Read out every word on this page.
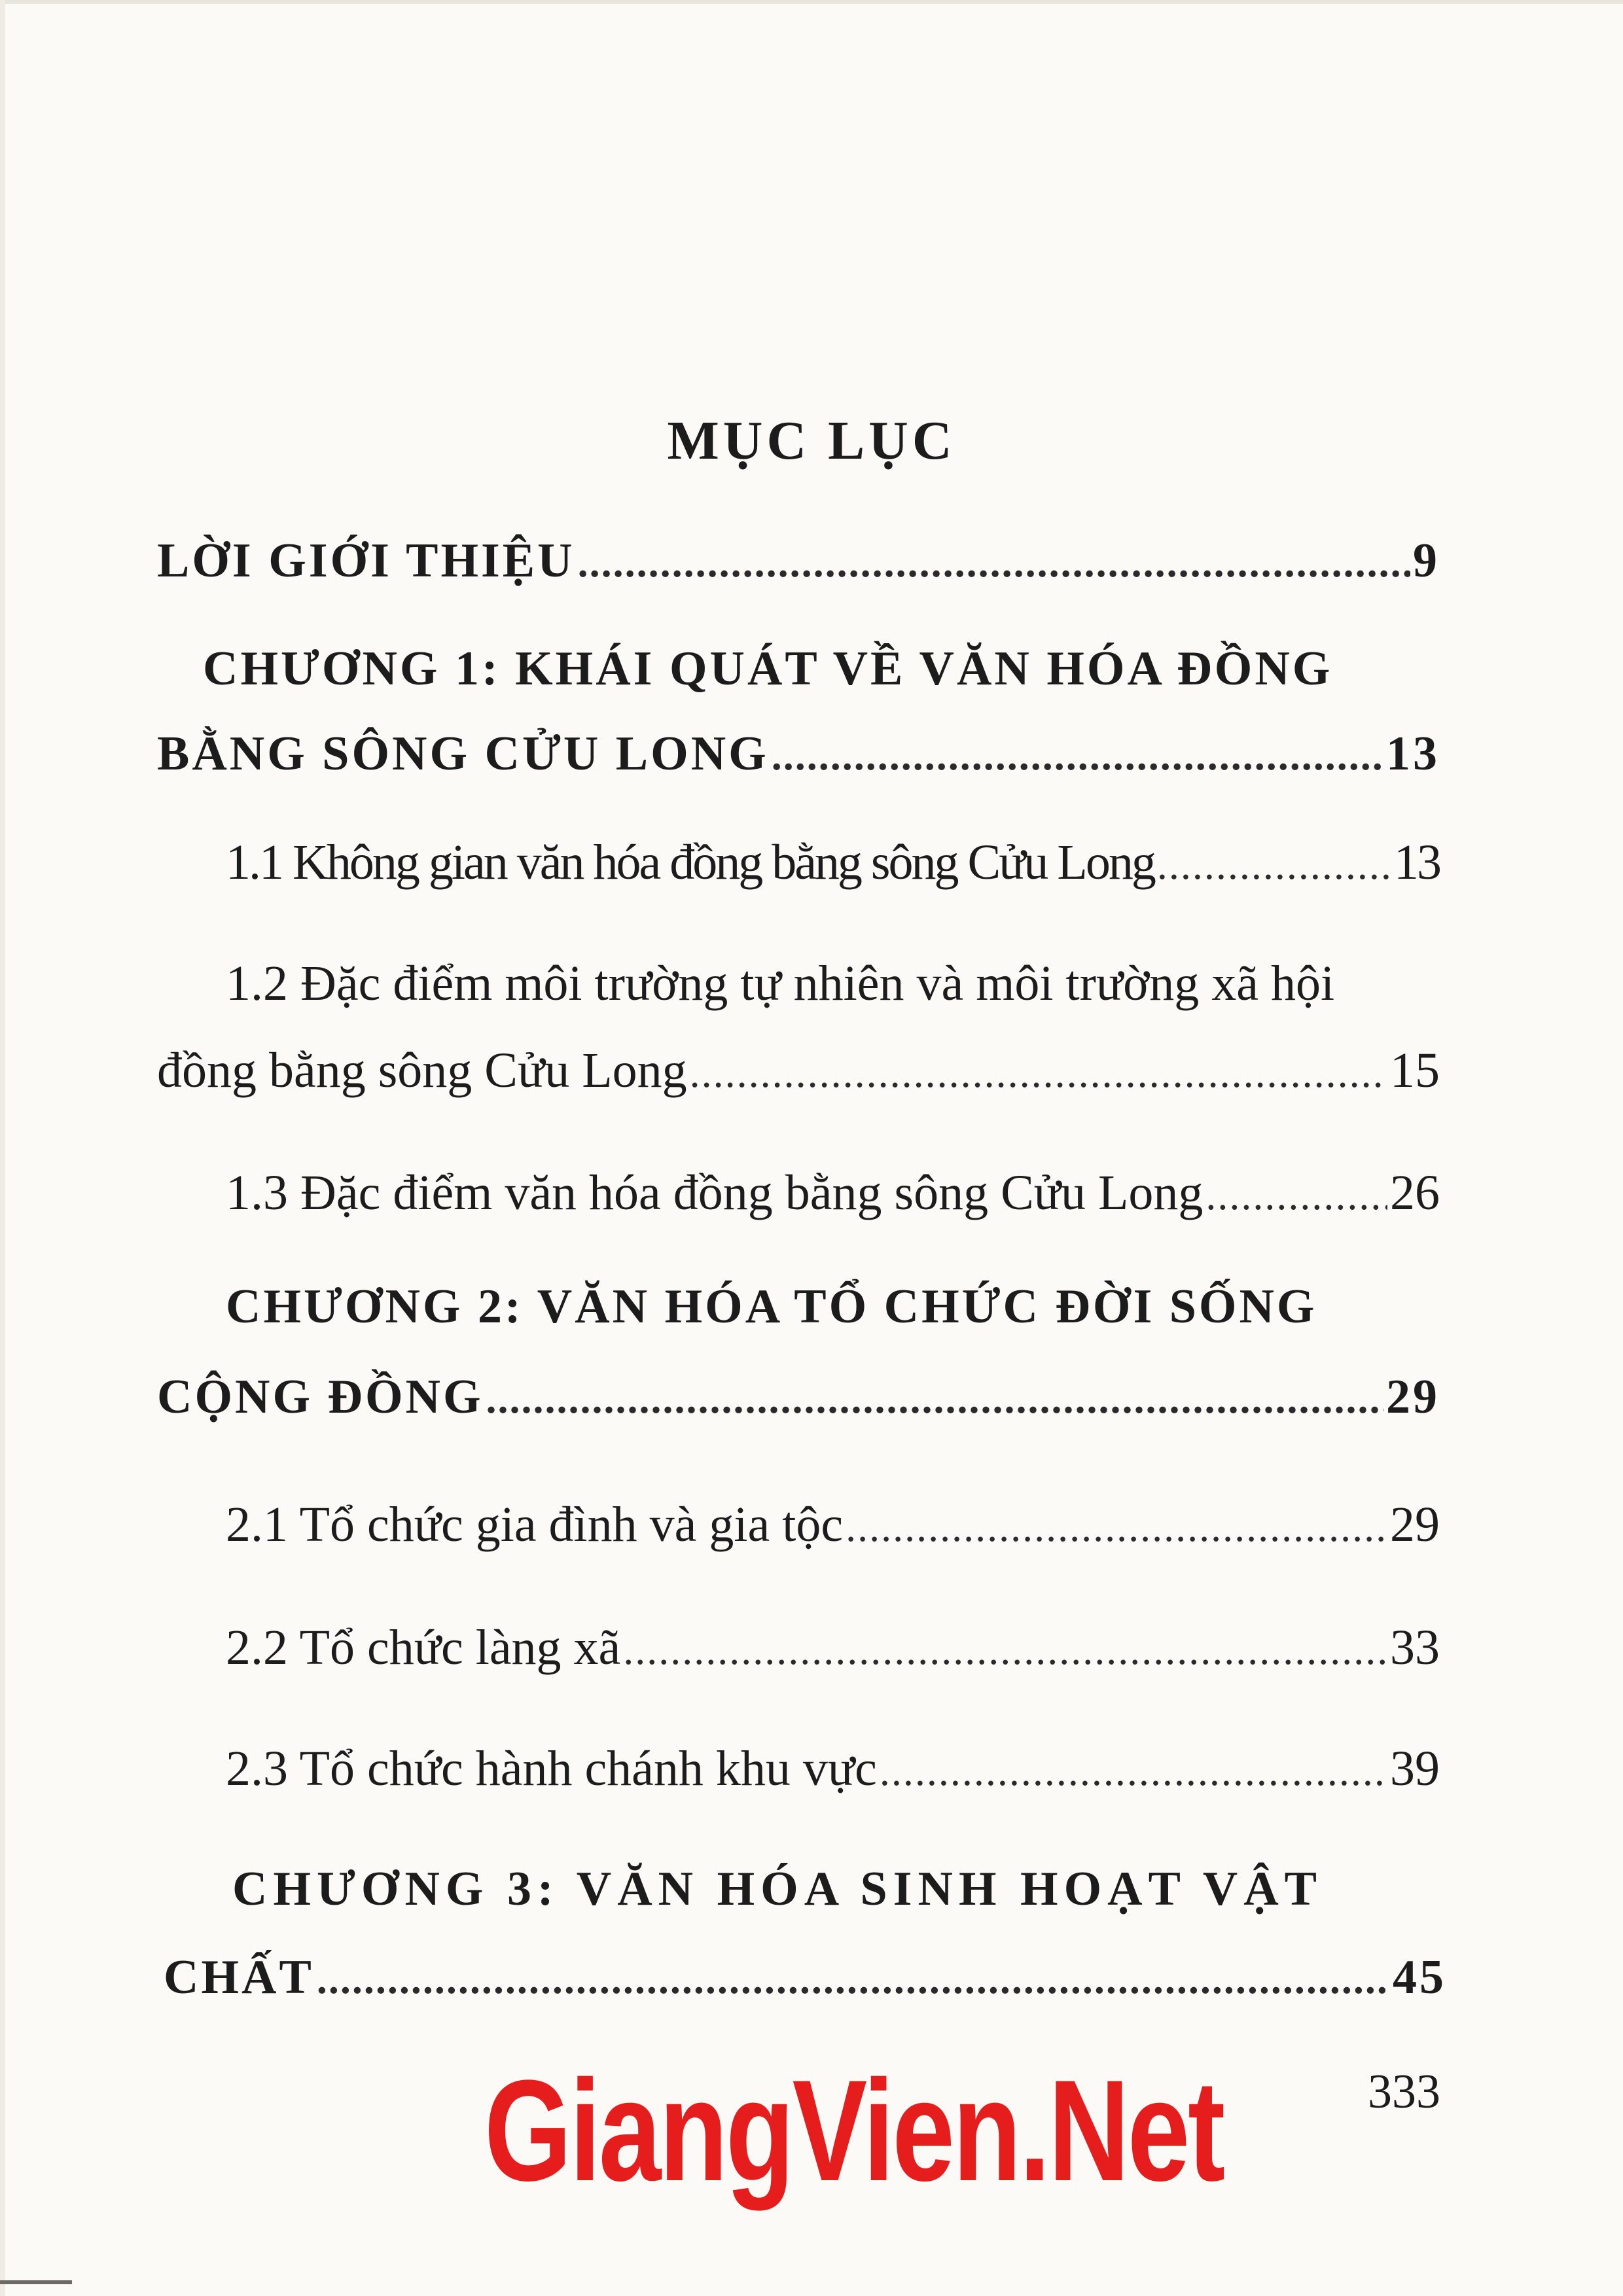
MỤC LỤC
LỜI GIỚI THIỆU .....	9
CHƯƠNG 1: KHÁI QUÁT VỀ VĂN HÓA ĐỒNG
BẰNG SÔNG CỬU LONG .....	13
1.1 Không gian văn hóa đồng bằng sông Cửu Long .....	13
1.2 Đặc điểm môi trường tự nhiên và môi trường xã hội
đồng bằng sông Cửu Long .....	15
1.3 Đặc điểm văn hóa đồng bằng sông Cửu Long .....	26
CHƯƠNG 2: VĂN HÓA TỔ CHỨC ĐỜI SỐNG
CỘNG ĐỒNG .....	29
2.1 Tổ chức gia đình và gia tộc .....	29
2.2 Tổ chức làng xã .....	33
2.3 Tổ chức hành chánh khu vực .....	39
CHƯƠNG 3: VĂN HÓA SINH HOẠT VẬT
CHẤT .....	45
333
GiangVien.Net
